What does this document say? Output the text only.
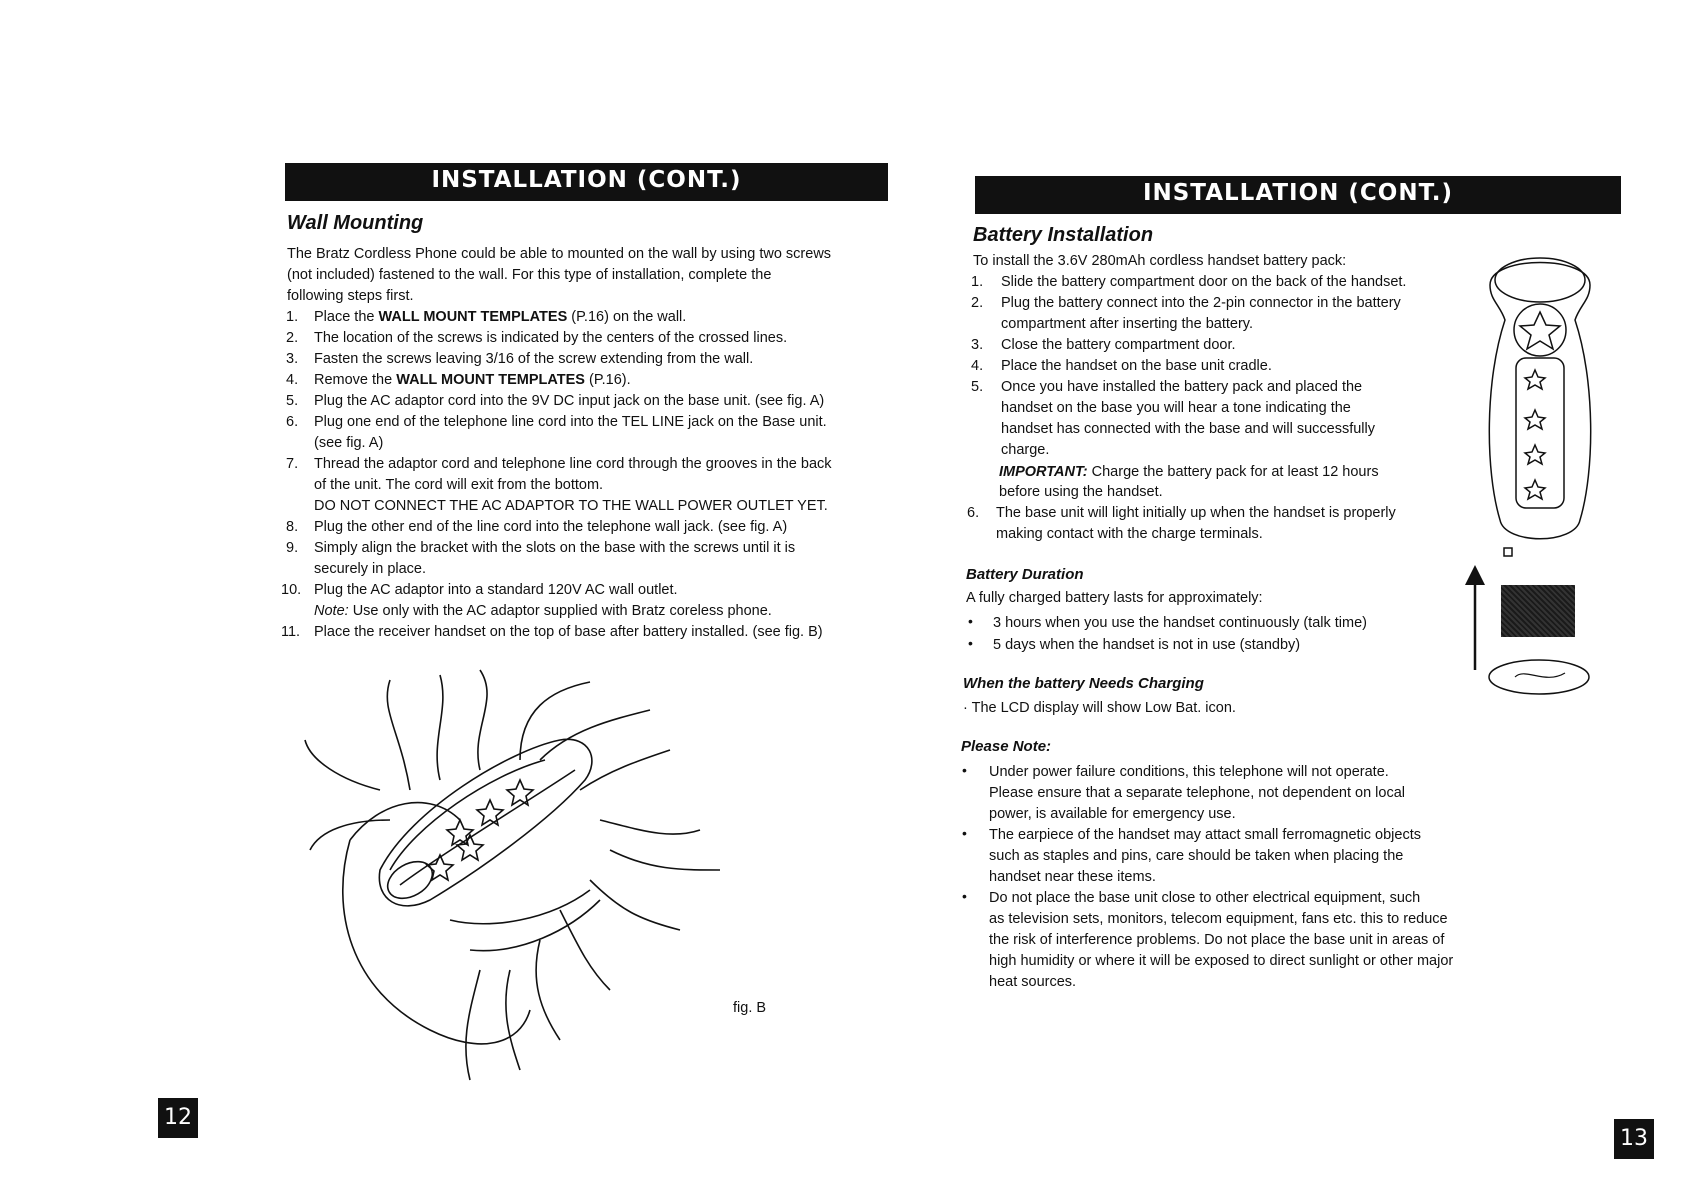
INSTALLATION (CONT.)
Wall Mounting
The Bratz Cordless Phone could be able to mounted on the wall by using two screws
(not included) fastened to the wall. For this type of installation, complete the
following steps first.
1. Place the WALL MOUNT TEMPLATES (P.16) on the wall.
2. The location of the screws is indicated by the centers of the crossed lines.
3. Fasten the screws leaving 3/16 of the screw extending from the wall.
4. Remove the WALL MOUNT TEMPLATES (P.16).
5. Plug the AC adaptor cord into the 9V DC input jack on the base unit. (see fig. A)
6. Plug one end of the telephone line cord into the TEL LINE jack on the Base unit.
(see fig. A)
7. Thread the adaptor cord and telephone line cord through the grooves in the back
of the unit. The cord will exit from the bottom.
DO NOT CONNECT THE AC ADAPTOR TO THE WALL POWER OUTLET YET.
8. Plug the other end of the line cord into the telephone wall jack. (see fig. A)
9. Simply align the bracket with the slots on the base with the screws until it is
securely in place.
10. Plug the AC adaptor into a standard 120V AC wall outlet.
Note: Use only with the AC adaptor supplied with Bratz coreless phone.
11. Place the receiver handset on the top of base after battery installed. (see fig. B)
fig. B
12
INSTALLATION (CONT.)
Battery Installation
To install the 3.6V 280mAh cordless handset battery pack:
1. Slide the battery compartment door on the back of the handset.
2. Plug the battery connect into the 2-pin connector in the battery
compartment after inserting the battery.
3. Close the battery compartment door.
4. Place the handset on the base unit cradle.
5. Once you have installed the battery pack and placed the
handset on the base you will hear a tone indicating the
handset has connected with the base and will successfully
charge.
6. The base unit will light initially up when the handset is properly
making contact with the charge terminals.
IMPORTANT: Charge the battery pack for at least 12 hours
before using the handset.
Battery Duration
A fully charged battery lasts for approximately:
• 3 hours when you use the handset continuously (talk time)
• 5 days when the handset is not in use (standby)
When the battery Needs Charging
· The LCD display will show Low Bat. icon.
Please Note:
• Under power failure conditions, this telephone will not operate.
Please ensure that a separate telephone, not dependent on local
power, is available for emergency use.
• The earpiece of the handset may attact small ferromagnetic objects
such as staples and pins, care should be taken when placing the
handset near these items.
• Do not place the base unit close to other electrical equipment, such
as television sets, monitors, telecom equipment, fans etc. this to reduce
the risk of interference problems. Do not place the base unit in areas of
high humidity or where it will be exposed to direct sunlight or other major
heat sources.
13
